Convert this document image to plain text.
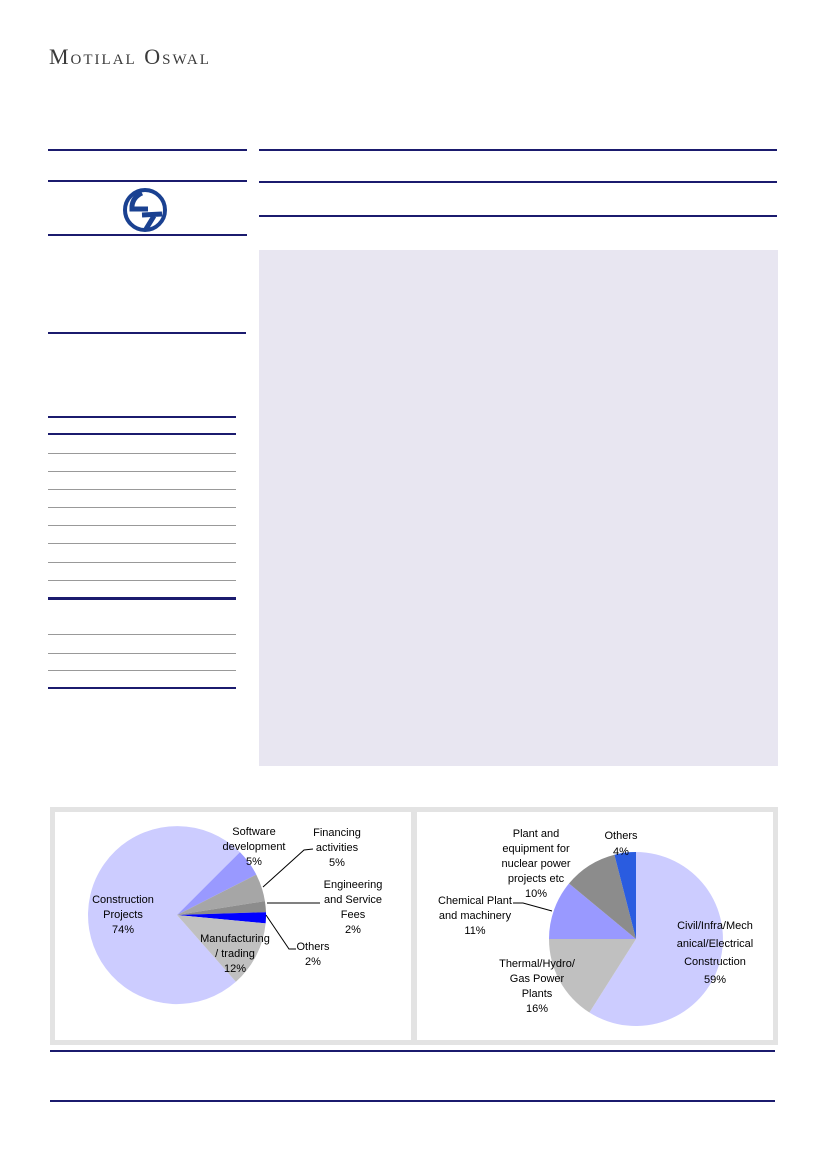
Motilal Oswal
Construction Projects 74%
Software development 5%
Financing activities 5%
Engineering and Service Fees 2%
Others 2%
Manufacturing / trading 12%
Civil/Infra/Mech anical/Electrical Construction 59%
Thermal/Hydro/ Gas Power Plants 16%
Chemical Plant and machinery 11%
Plant and equipment for nuclear power projects etc 10%
Others 4%
